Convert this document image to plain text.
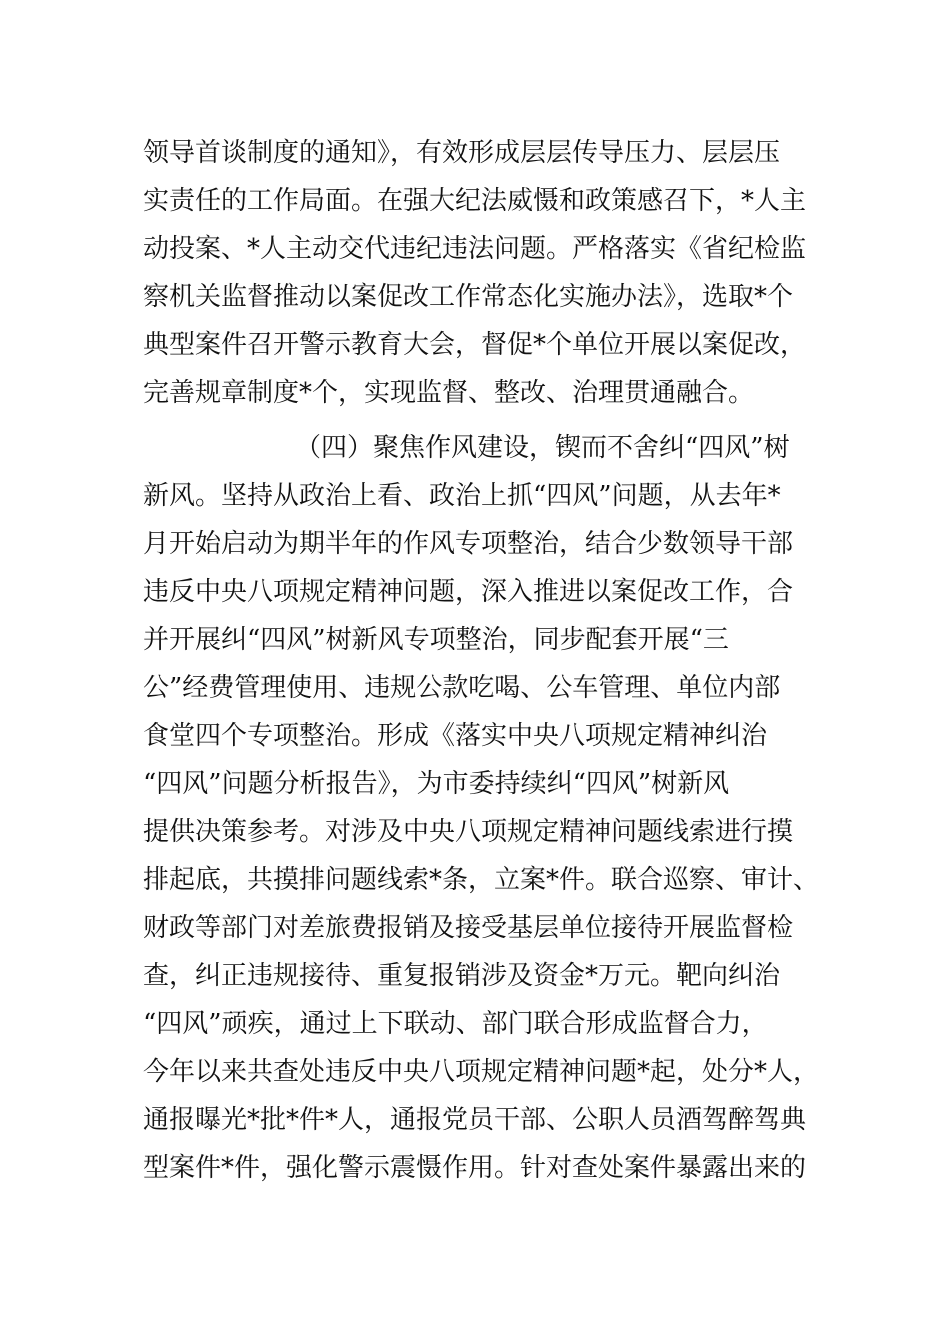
领导首谈制度的通知》，有效形成层层传导压力、层层压
实责任的工作局面。在强大纪法威慑和政策感召下，*人主
动投案、*人主动交代违纪违法问题。严格落实《省纪检监
察机关监督推动以案促改工作常态化实施办法》，选取*个
典型案件召开警示教育大会，督促*个单位开展以案促改，
完善规章制度*个，实现监督、整改、治理贯通融合。
（四）聚焦作风建设，锲而不舍纠“四风”树
新风。坚持从政治上看、政治上抓“四风”问题，从去年*
月开始启动为期半年的作风专项整治，结合少数领导干部
违反中央八项规定精神问题，深入推进以案促改工作，合
并开展纠“四风”树新风专项整治，同步配套开展“三
公”经费管理使用、违规公款吃喝、公车管理、单位内部
食堂四个专项整治。形成《落实中央八项规定精神纠治
“四风”问题分析报告》，为市委持续纠“四风”树新风
提供决策参考。对涉及中央八项规定精神问题线索进行摸
排起底，共摸排问题线索*条，立案*件。联合巡察、审计、
财政等部门对差旅费报销及接受基层单位接待开展监督检
查，纠正违规接待、重复报销涉及资金*万元。靶向纠治
“四风”顽疾，通过上下联动、部门联合形成监督合力，
今年以来共查处违反中央八项规定精神问题*起，处分*人，
通报曝光*批*件*人，通报党员干部、公职人员酒驾醉驾典
型案件*件，强化警示震慑作用。针对查处案件暴露出来的
